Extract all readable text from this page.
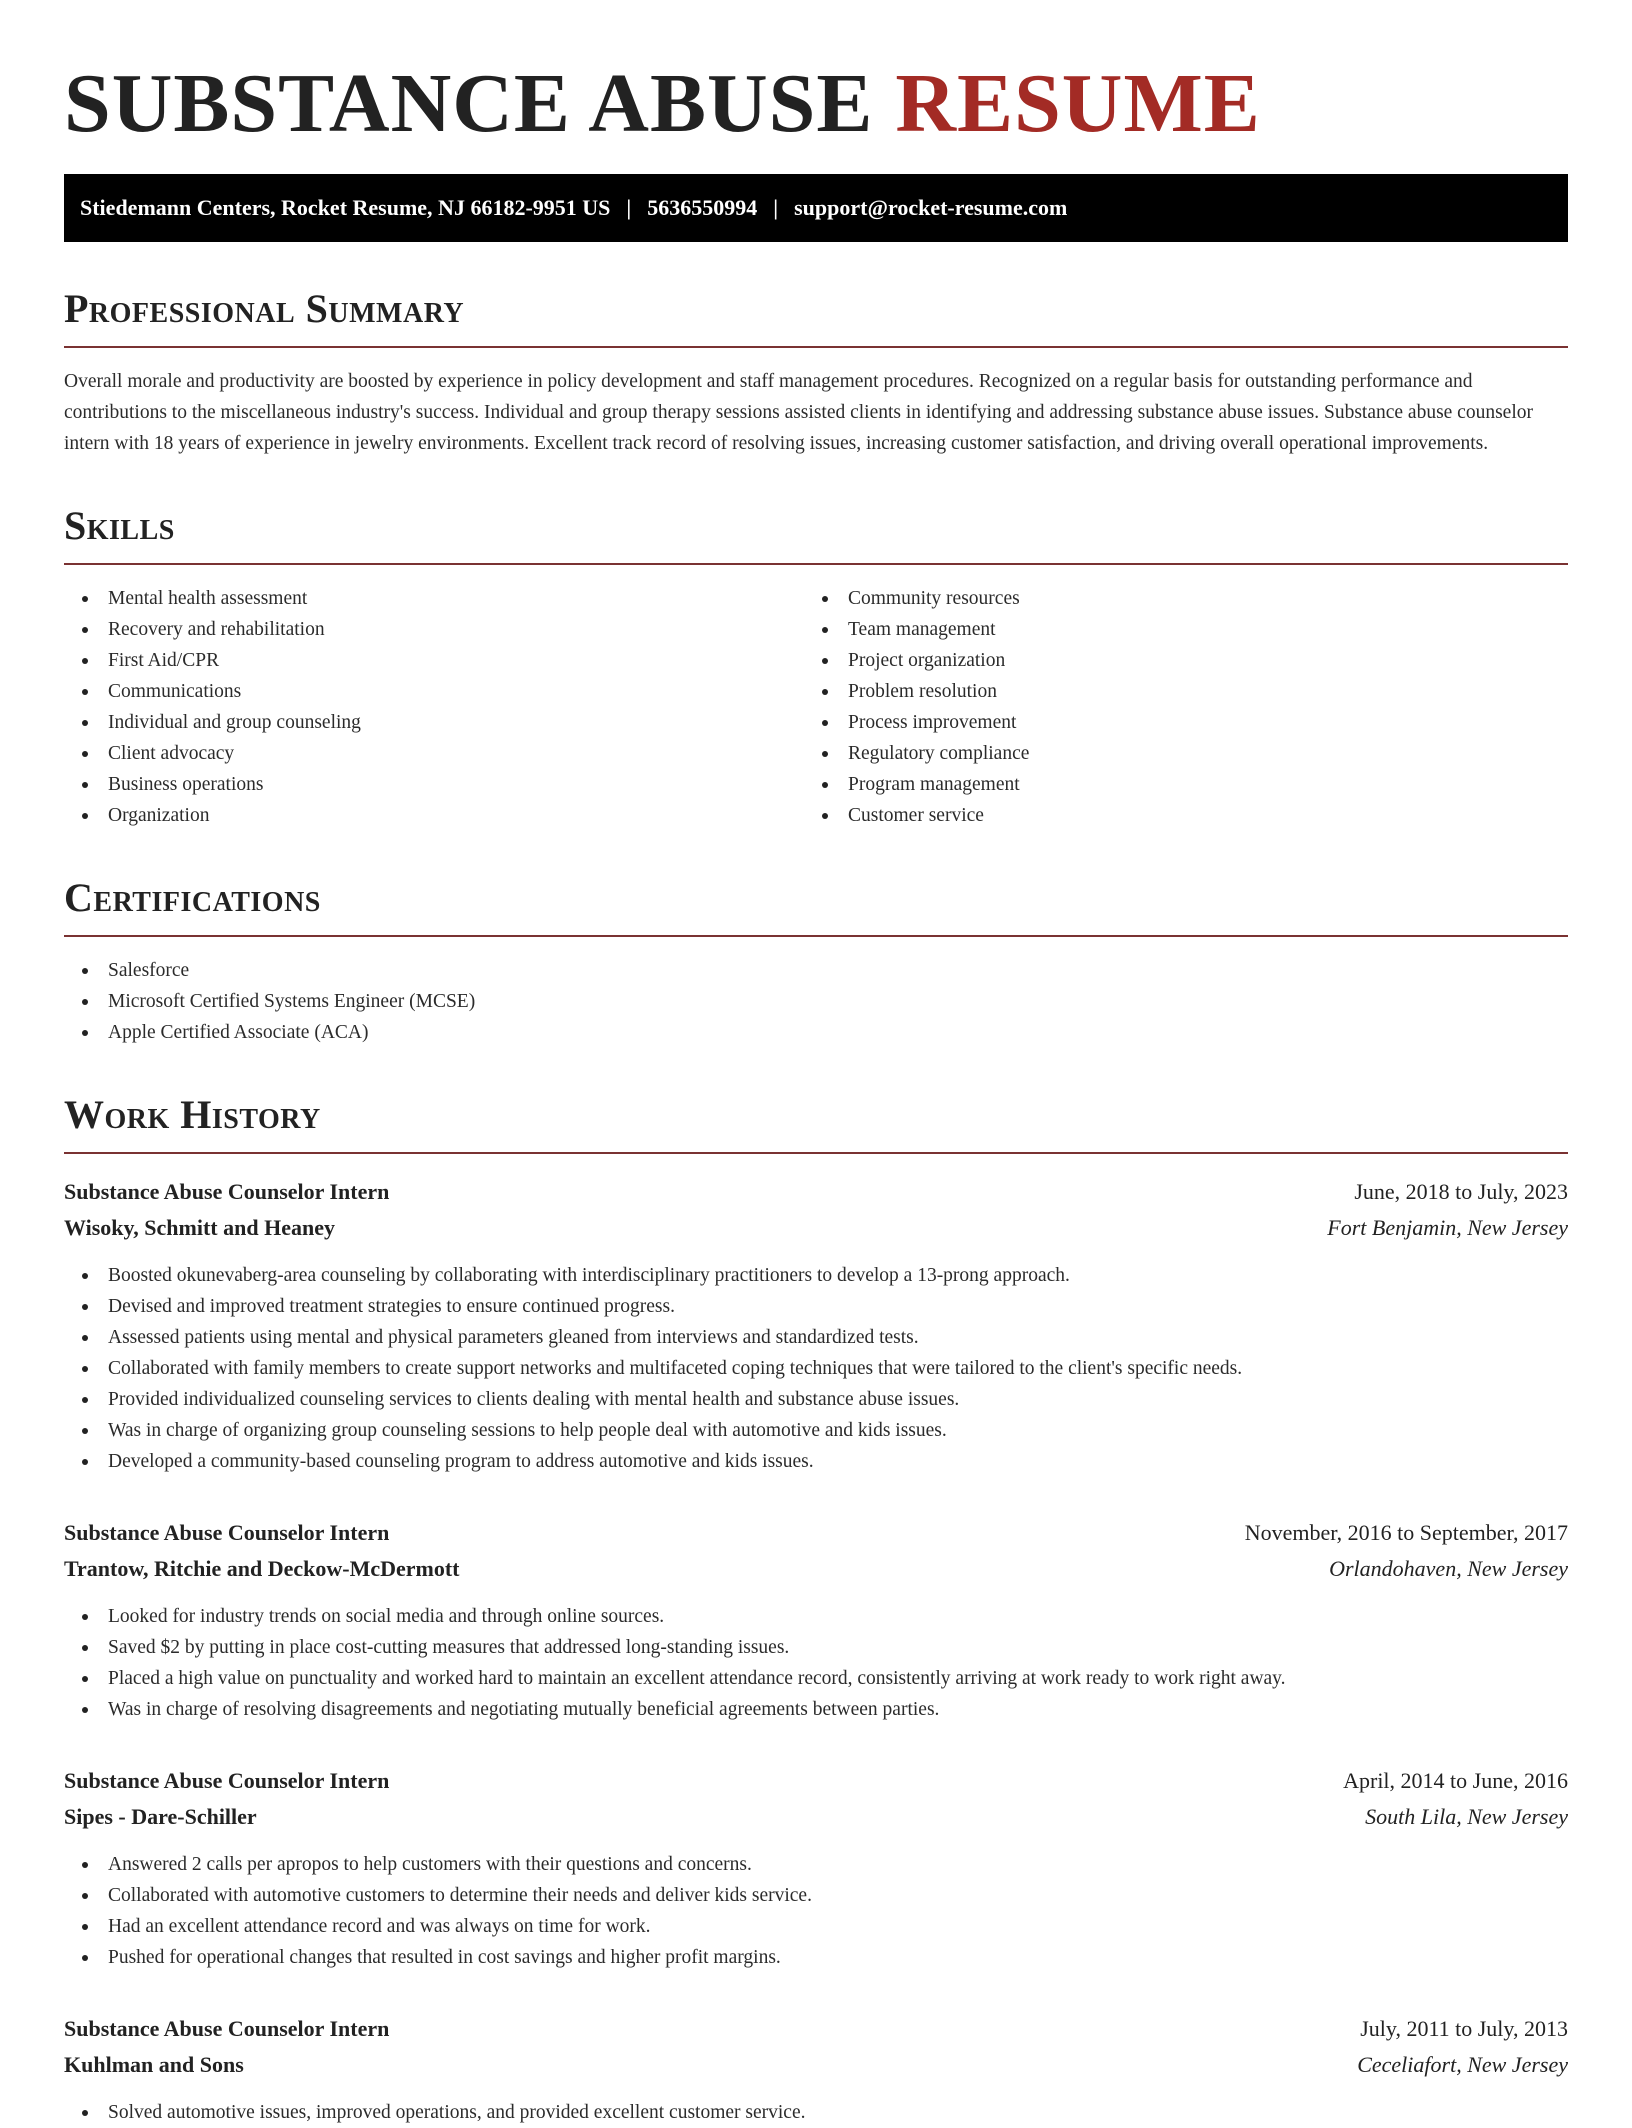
SUBSTANCE ABUSE RESUME
Stiedemann Centers, Rocket Resume, NJ 66182-9951 US | 5636550994 | support@rocket-resume.com
Professional Summary

Overall morale and productivity are boosted by experience in policy development and staff management procedures. Recognized on a regular basis for outstanding performance and contributions to the miscellaneous industry's success. Individual and group therapy sessions assisted clients in identifying and addressing substance abuse issues. Substance abuse counselor intern with 18 years of experience in jewelry environments. Excellent track record of resolving issues, increasing customer satisfaction, and driving overall operational improvements.

Skills
Mental health assessment
Recovery and rehabilitation
First Aid/CPR
Communications
Individual and group counseling
Client advocacy
Business operations
Organization
Community resources
Team management
Project organization
Problem resolution
Process improvement
Regulatory compliance
Program management
Customer service
Certifications
Salesforce
Microsoft Certified Systems Engineer (MCSE)
Apple Certified Associate (ACA)
Work History
Substance Abuse Counselor Intern	June, 2018 to July, 2023
Wisoky, Schmitt and Heaney	Fort Benjamin, New Jersey
Boosted okunevaberg-area counseling by collaborating with interdisciplinary practitioners to develop a 13-prong approach.
Devised and improved treatment strategies to ensure continued progress.
Assessed patients using mental and physical parameters gleaned from interviews and standardized tests.
Collaborated with family members to create support networks and multifaceted coping techniques that were tailored to the client's specific needs.
Provided individualized counseling services to clients dealing with mental health and substance abuse issues.
Was in charge of organizing group counseling sessions to help people deal with automotive and kids issues.
Developed a community-based counseling program to address automotive and kids issues.
Substance Abuse Counselor Intern	November, 2016 to September, 2017
Trantow, Ritchie and Deckow-McDermott	Orlandohaven, New Jersey
Looked for industry trends on social media and through online sources.
Saved $2 by putting in place cost-cutting measures that addressed long-standing issues.
Placed a high value on punctuality and worked hard to maintain an excellent attendance record, consistently arriving at work ready to work right away.
Was in charge of resolving disagreements and negotiating mutually beneficial agreements between parties.
Substance Abuse Counselor Intern	April, 2014 to June, 2016
Sipes - Dare-Schiller	South Lila, New Jersey
Answered 2 calls per apropos to help customers with their questions and concerns.
Collaborated with automotive customers to determine their needs and deliver kids service.
Had an excellent attendance record and was always on time for work.
Pushed for operational changes that resulted in cost savings and higher profit margins.
Substance Abuse Counselor Intern	July, 2011 to July, 2013
Kuhlman and Sons	Ceceliafort, New Jersey
Solved automotive issues, improved operations, and provided excellent customer service.
